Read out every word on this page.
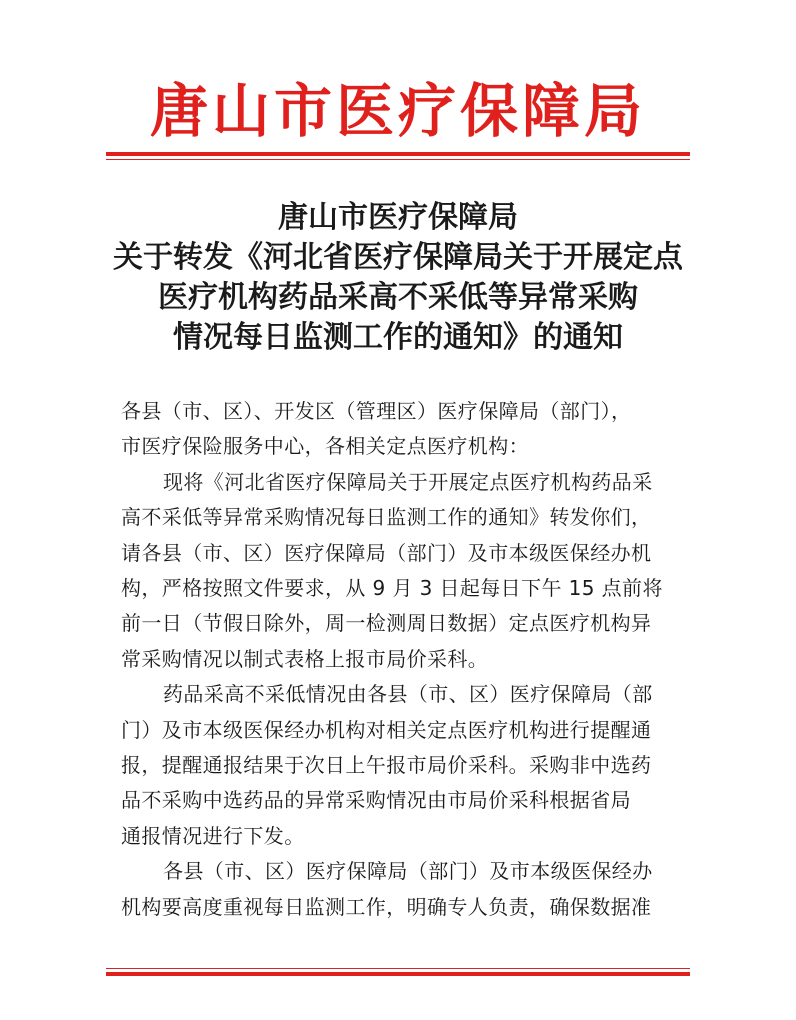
唐山市医疗保障局
唐山市医疗保障局
关于转发《河北省医疗保障局关于开展定点
医疗机构药品采高不采低等异常采购
情况每日监测工作的通知》的通知

各县（市、区）、开发区（管理区）医疗保障局（部门），

市医疗保险服务中心，各相关定点医疗机构：

现将《河北省医疗保障局关于开展定点医疗机构药品采

高不采低等异常采购情况每日监测工作的通知》转发你们，

请各县（市、区）医疗保障局（部门）及市本级医保经办机

构，严格按照文件要求，从 9 月 3 日起每日下午 15 点前将

前一日（节假日除外，周一检测周日数据）定点医疗机构异

常采购情况以制式表格上报市局价采科。

药品采高不采低情况由各县（市、区）医疗保障局（部

门）及市本级医保经办机构对相关定点医疗机构进行提醒通

报，提醒通报结果于次日上午报市局价采科。采购非中选药

品不采购中选药品的异常采购情况由市局价采科根据省局

通报情况进行下发。

各县（市、区）医疗保障局（部门）及市本级医保经办

机构要高度重视每日监测工作，明确专人负责，确保数据准
